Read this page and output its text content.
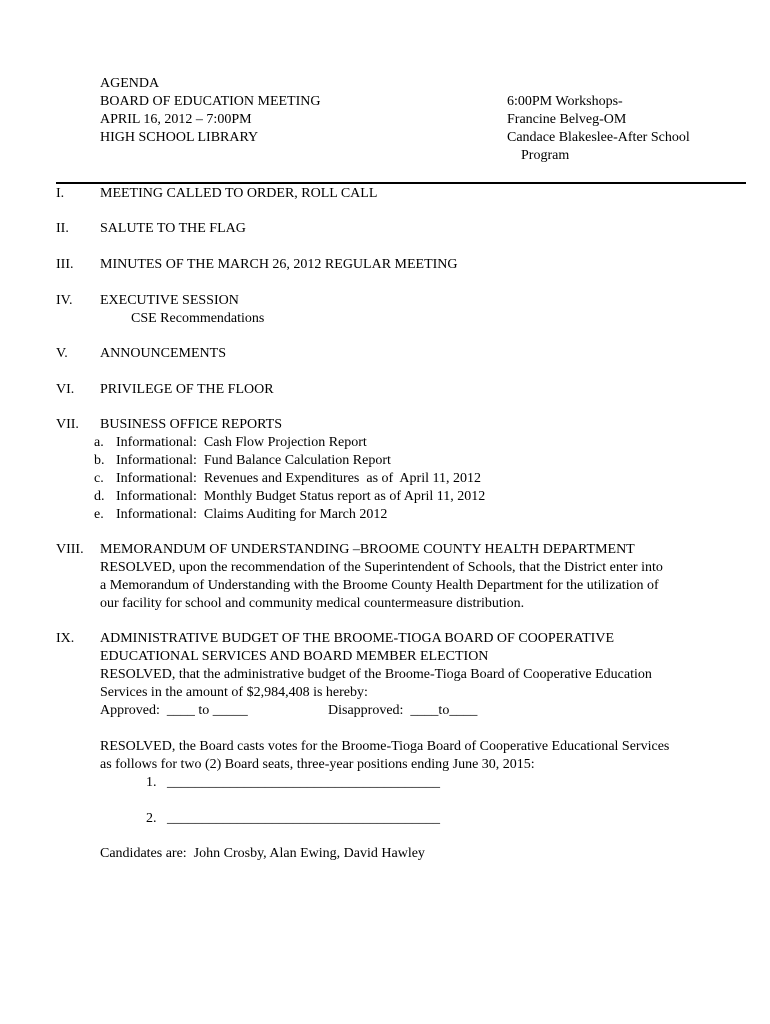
AGENDA
BOARD OF EDUCATION MEETING
APRIL 16, 2012 – 7:00PM
HIGH SCHOOL LIBRARY
6:00PM Workshops-
Francine Belveg-OM
Candace Blakeslee-After School
Program
I.	MEETING CALLED TO ORDER, ROLL CALL
II. SALUTE TO THE FLAG
III. MINUTES OF THE MARCH 26, 2012 REGULAR MEETING
IV. EXECUTIVE SESSION
CSE Recommendations
V. ANNOUNCEMENTS
VI. PRIVILEGE OF THE FLOOR
VII. BUSINESS OFFICE REPORTS
a. Informational:  Cash Flow Projection Report
b. Informational:  Fund Balance Calculation Report
c. Informational:  Revenues and Expenditures  as of  April 11, 2012
d. Informational:  Monthly Budget Status report as of April 11, 2012
e. Informational:  Claims Auditing for March 2012
VIII. MEMORANDUM OF UNDERSTANDING –BROOME COUNTY HEALTH DEPARTMENT
RESOLVED, upon the recommendation of the Superintendent of Schools, that the District enter into
a Memorandum of Understanding with the Broome County Health Department for the utilization of
our facility for school and community medical countermeasure distribution.
IX. ADMINISTRATIVE BUDGET OF THE BROOME-TIOGA BOARD OF COOPERATIVE
EDUCATIONAL SERVICES AND BOARD MEMBER ELECTION
RESOLVED, that the administrative budget of the Broome-Tioga Board of Cooperative Education
Services in the amount of $2,984,408 is hereby:
Approved:  ____ to _____	Disapproved:  ____to____
RESOLVED, the Board casts votes for the Broome-Tioga Board of Cooperative Educational Services
as follows for two (2) Board seats, three-year positions ending June 30, 2015:
1.   _______________________________________
2.   _______________________________________
Candidates are:  John Crosby, Alan Ewing, David Hawley
